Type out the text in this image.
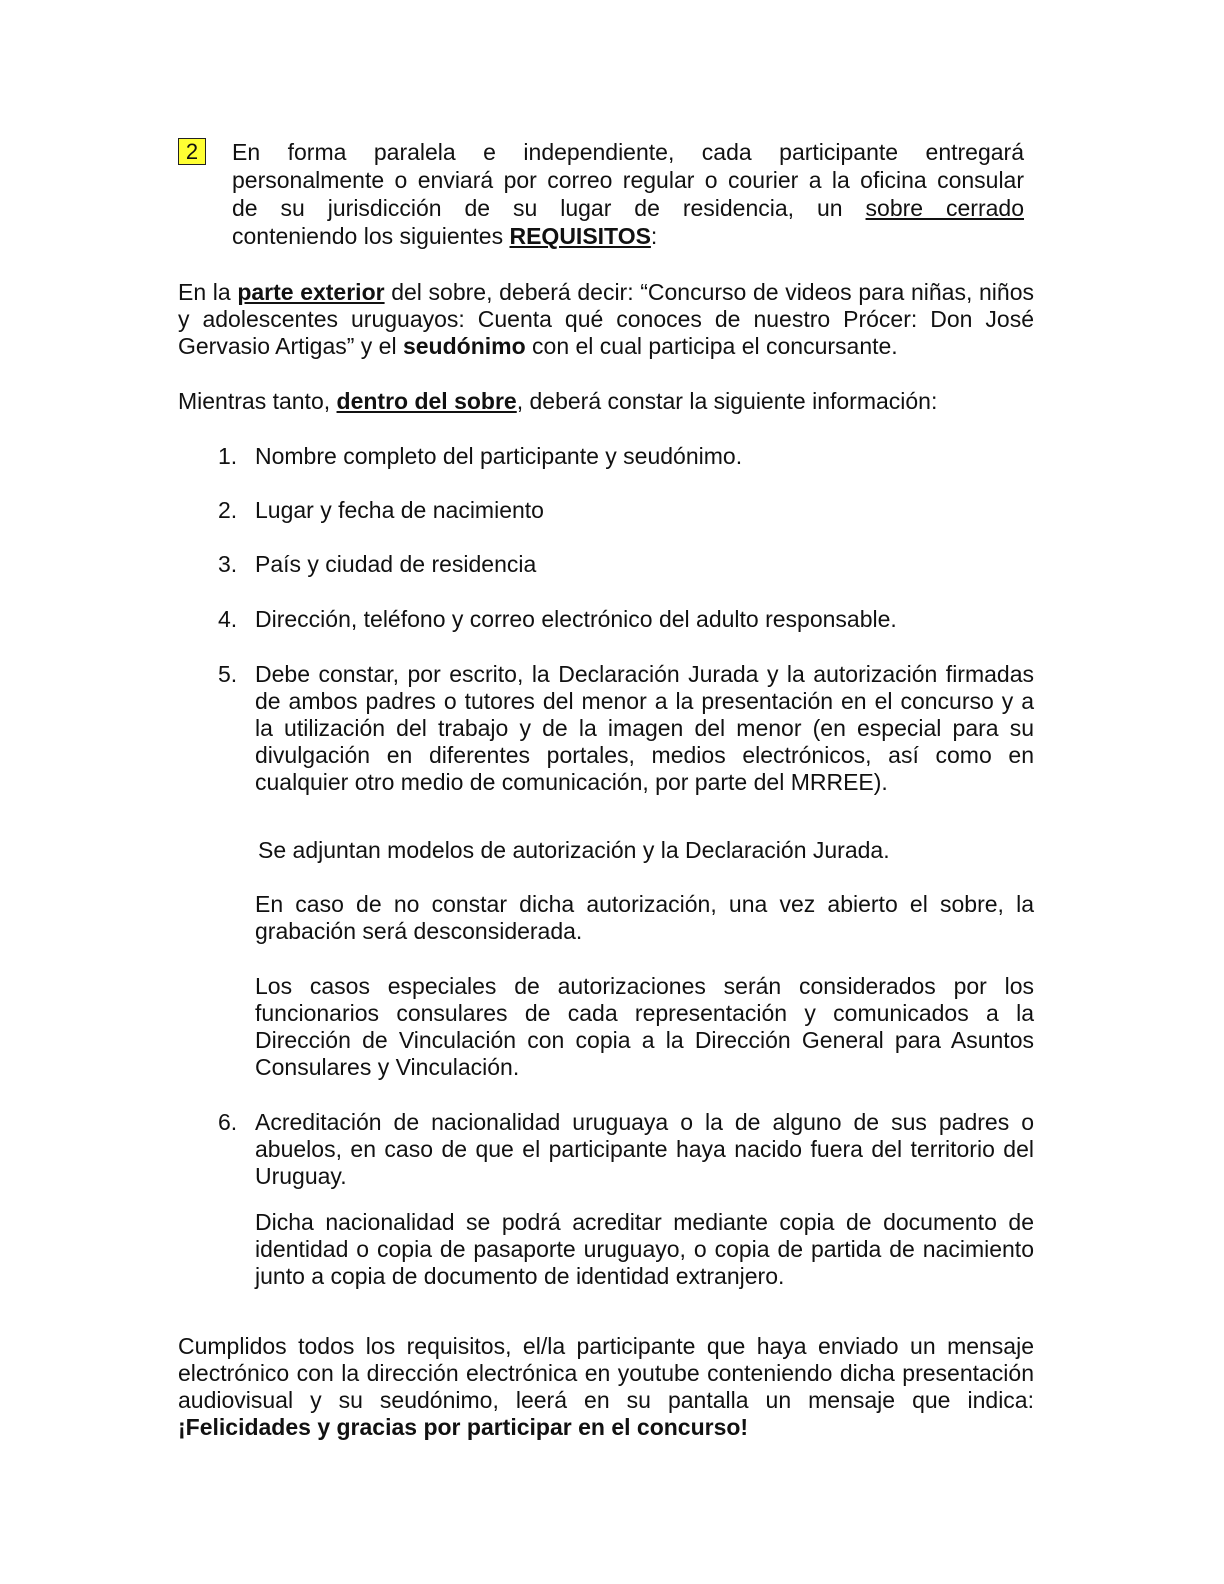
2	En forma paralela e independiente, cada participante entregará
personalmente o enviará por correo regular o courier a la oficina consular
de su jurisdicción de su lugar de residencia, un sobre cerrado
conteniendo los siguientes REQUISITOS:

En la parte exterior del sobre, deberá decir: “Concurso de videos para niñas, niños y adolescentes uruguayos: Cuenta qué conoces de nuestro Prócer: Don José Gervasio Artigas” y el seudónimo con el cual participa el concursante.

Mientras tanto, dentro del sobre, deberá constar la siguiente información:

1. Nombre completo del participante y seudónimo.

2. Lugar y fecha de nacimiento

3. País y ciudad de residencia

4. Dirección, teléfono y correo electrónico del adulto responsable.

5. Debe constar, por escrito, la Declaración Jurada y la autorización firmadas de ambos padres o tutores del menor a la presentación en el concurso y a la utilización del trabajo y de la imagen del menor (en especial para su divulgación en diferentes portales, medios electrónicos, así como en cualquier otro medio de comunicación, por parte del MRREE).

Se adjuntan modelos de autorización y la Declaración Jurada.

En caso de no constar dicha autorización, una vez abierto el sobre, la grabación será desconsiderada.

Los casos especiales de autorizaciones serán considerados por los funcionarios consulares de cada representación y comunicados a la Dirección de Vinculación con copia a la Dirección General para Asuntos Consulares y Vinculación.

6. Acreditación de nacionalidad uruguaya o la de alguno de sus padres o abuelos, en caso de que el participante haya nacido fuera del territorio del Uruguay.

Dicha nacionalidad se podrá acreditar mediante copia de documento de identidad o copia de pasaporte uruguayo, o copia de partida de nacimiento junto a copia de documento de identidad extranjero.

Cumplidos todos los requisitos, el/la participante que haya enviado un mensaje electrónico con la dirección electrónica en youtube conteniendo dicha presentación audiovisual y su seudónimo, leerá en su pantalla un mensaje que indica: ¡Felicidades y gracias por participar en el concurso!
